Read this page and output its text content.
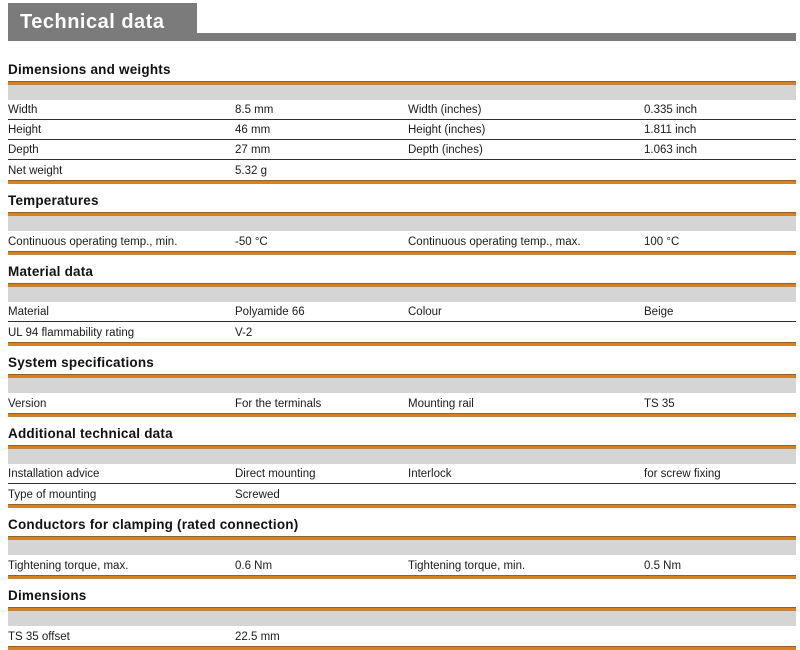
Technical data
Dimensions and weights
Width	8.5 mm	Width (inches)	0.335 inch
Height	46 mm	Height (inches)	1.811 inch
Depth	27 mm	Depth (inches)	1.063 inch
Net weight	5.32 g
Temperatures
Continuous operating temp., min.	-50 °C	Continuous operating temp., max.	100 °C
Material data
Material	Polyamide 66	Colour	Beige
UL 94 flammability rating	V-2
System specifications
Version	For the terminals	Mounting rail	TS 35
Additional technical data
Installation advice	Direct mounting	Interlock	for screw fixing
Type of mounting	Screwed
Conductors for clamping (rated connection)
Tightening torque, max.	0.6 Nm	Tightening torque, min.	0.5 Nm
Dimensions
TS 35 offset	22.5 mm
